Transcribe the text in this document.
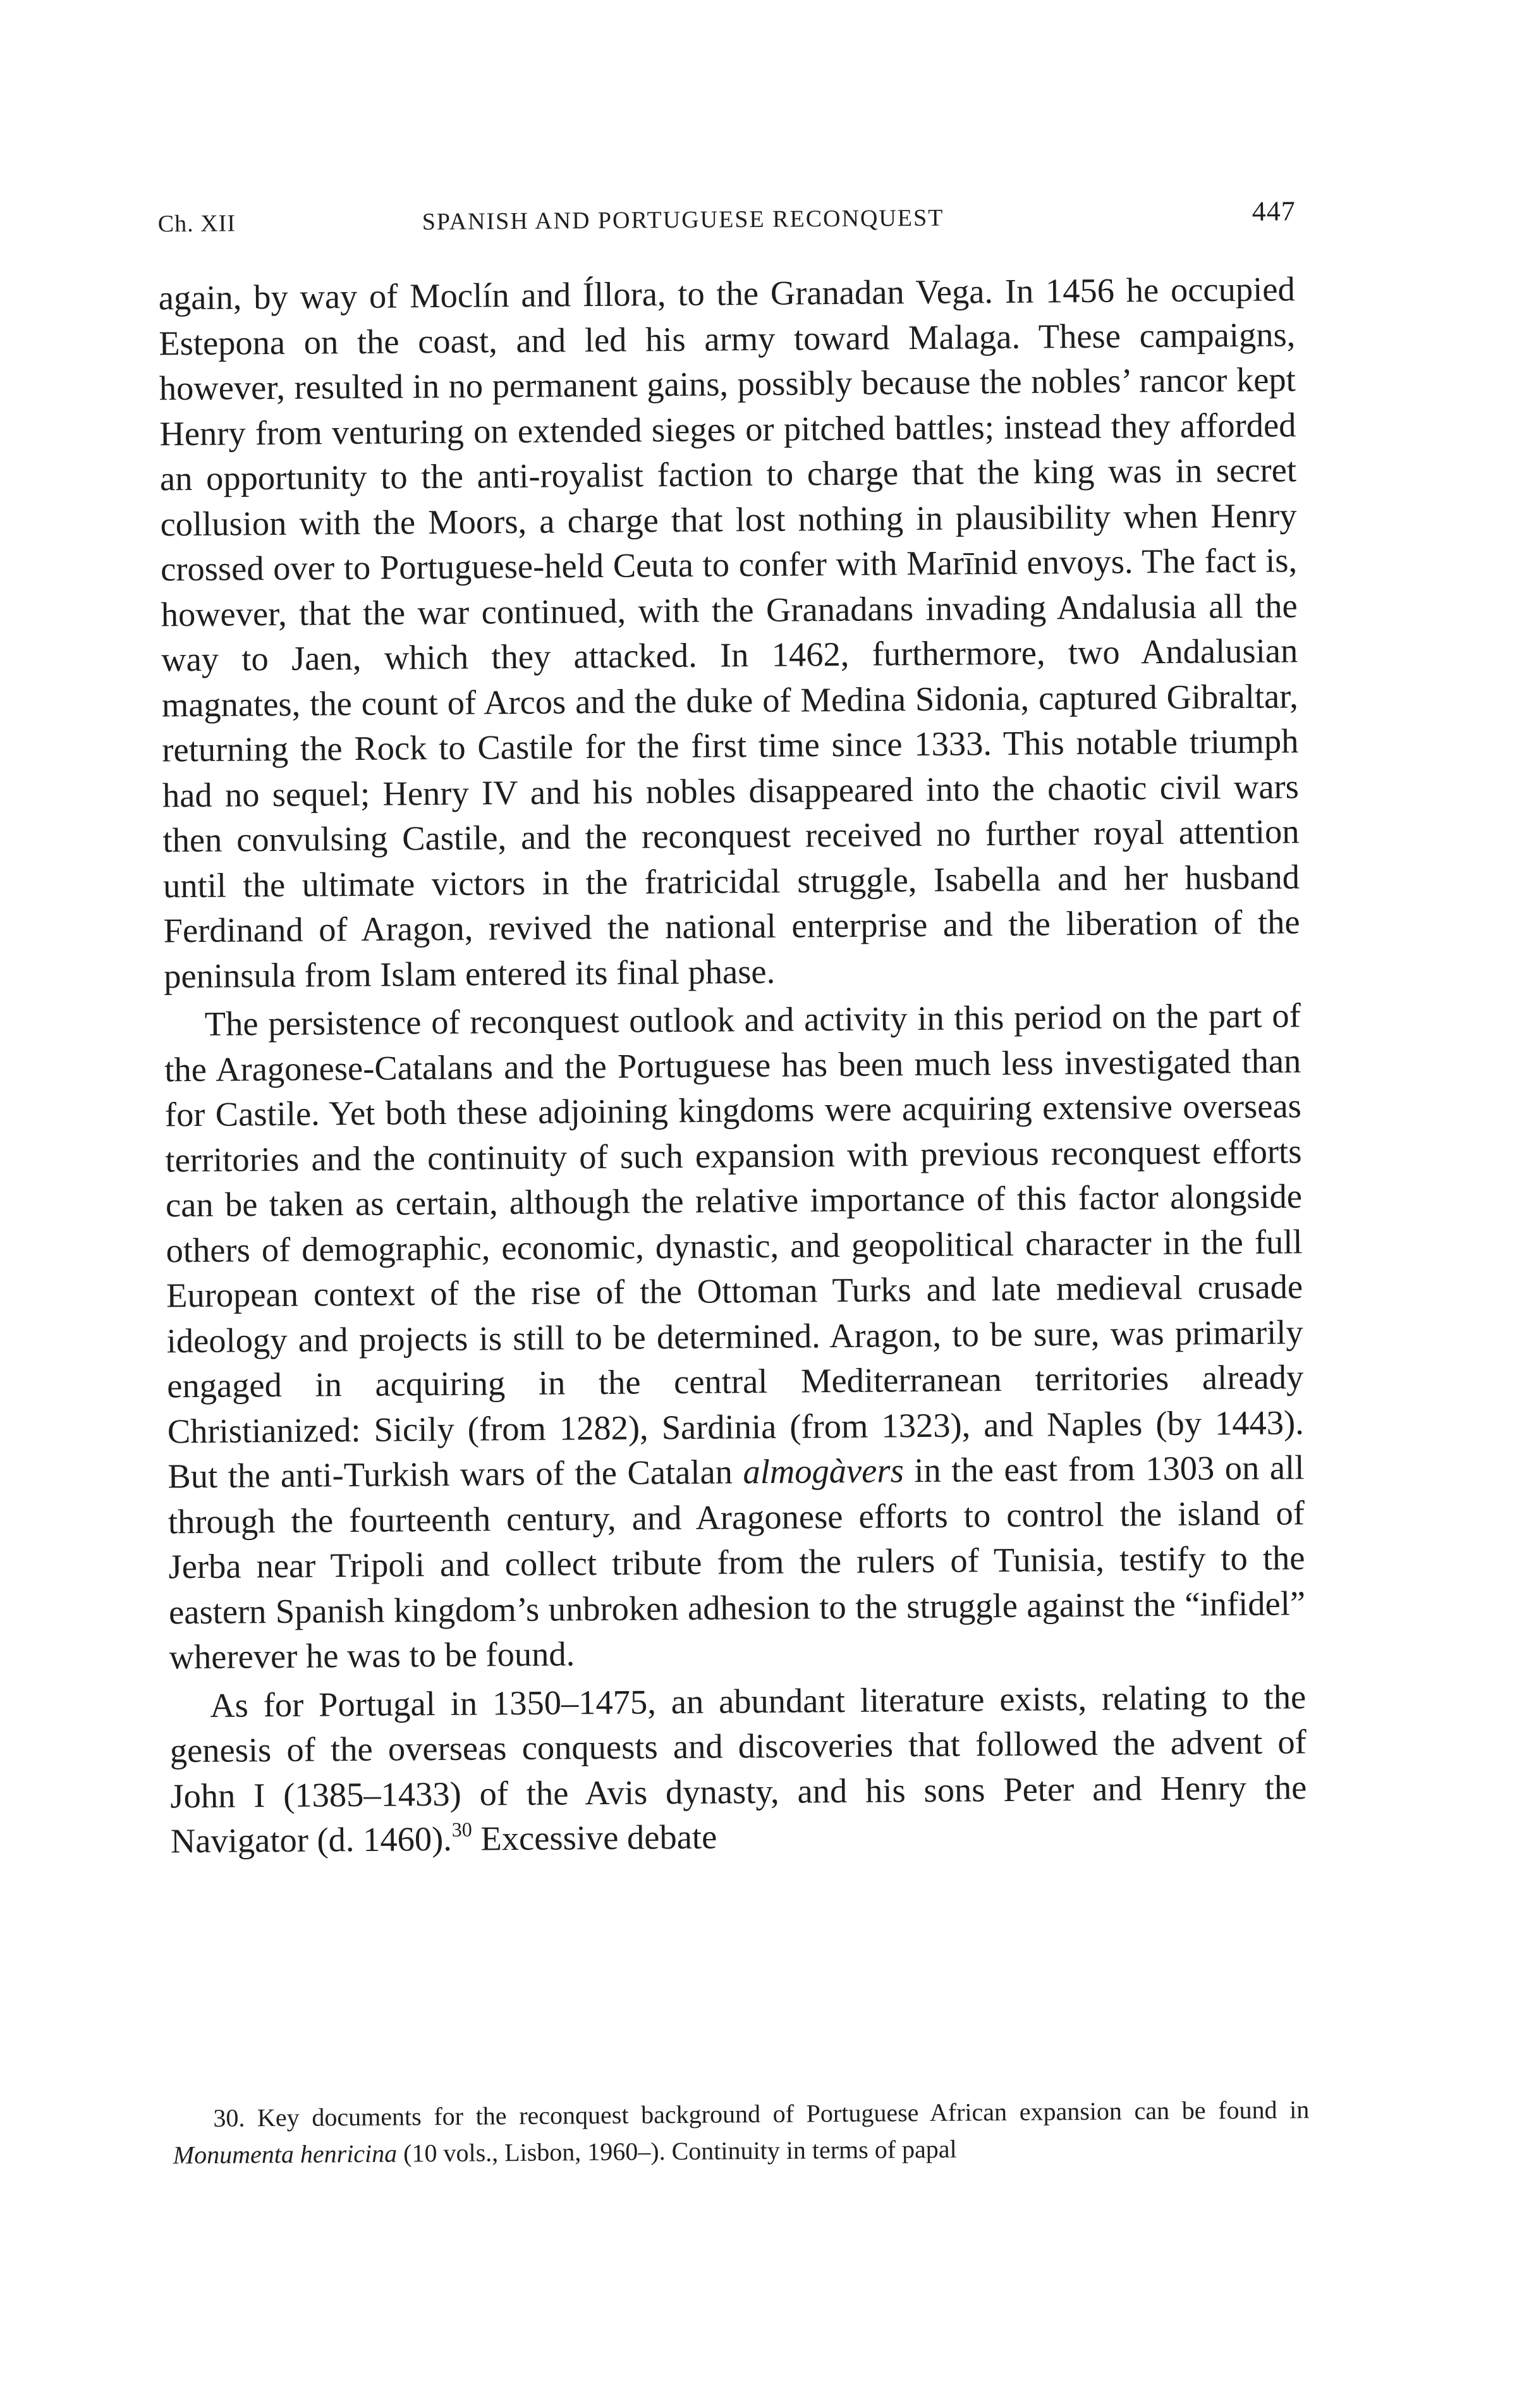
Ch. XII	SPANISH AND PORTUGUESE RECONQUEST	447

again, by way of Moclín and Íllora, to the Granadan Vega. In 1456 he occupied Estepona on the coast, and led his army toward Malaga. These campaigns, however, resulted in no permanent gains, possibly because the nobles’ rancor kept Henry from venturing on extended sieges or pitched battles; instead they afforded an opportunity to the anti-royalist faction to charge that the king was in secret collusion with the Moors, a charge that lost nothing in plausibility when Henry crossed over to Portuguese-held Ceuta to confer with Marīnid envoys. The fact is, however, that the war continued, with the Granadans invading Andalusia all the way to Jaen, which they attacked. In 1462, furthermore, two Andalusian magnates, the count of Arcos and the duke of Medina Sidonia, captured Gibraltar, returning the Rock to Castile for the first time since 1333. This notable triumph had no sequel; Henry IV and his nobles disappeared into the chaotic civil wars then convulsing Castile, and the reconquest received no further royal attention until the ultimate victors in the fratricidal struggle, Isabella and her husband Ferdinand of Aragon, revived the national enterprise and the liberation of the peninsula from Islam entered its final phase.

The persistence of reconquest outlook and activity in this period on the part of the Aragonese-Catalans and the Portuguese has been much less investigated than for Castile. Yet both these adjoining kingdoms were acquiring extensive overseas territories and the continuity of such expansion with previous reconquest efforts can be taken as certain, although the relative importance of this factor alongside others of demographic, economic, dynastic, and geopolitical character in the full European context of the rise of the Ottoman Turks and late medieval crusade ideology and projects is still to be determined. Aragon, to be sure, was primarily engaged in acquiring in the central Mediterranean territories already Christianized: Sicily (from 1282), Sardinia (from 1323), and Naples (by 1443). But the anti-Turkish wars of the Catalan almogàvers in the east from 1303 on all through the fourteenth century, and Aragonese efforts to control the island of Jerba near Tripoli and collect tribute from the rulers of Tunisia, testify to the eastern Spanish kingdom’s unbroken adhesion to the struggle against the “infidel” wherever he was to be found.

As for Portugal in 1350–1475, an abundant literature exists, relating to the genesis of the overseas conquests and discoveries that followed the advent of John I (1385–1433) of the Avis dynasty, and his sons Peter and Henry the Navigator (d. 1460).$^{30}$ Excessive debate

30. Key documents for the reconquest background of Portuguese African expansion can be found in Monumenta henricina (10 vols., Lisbon, 1960–). Continuity in terms of papal
